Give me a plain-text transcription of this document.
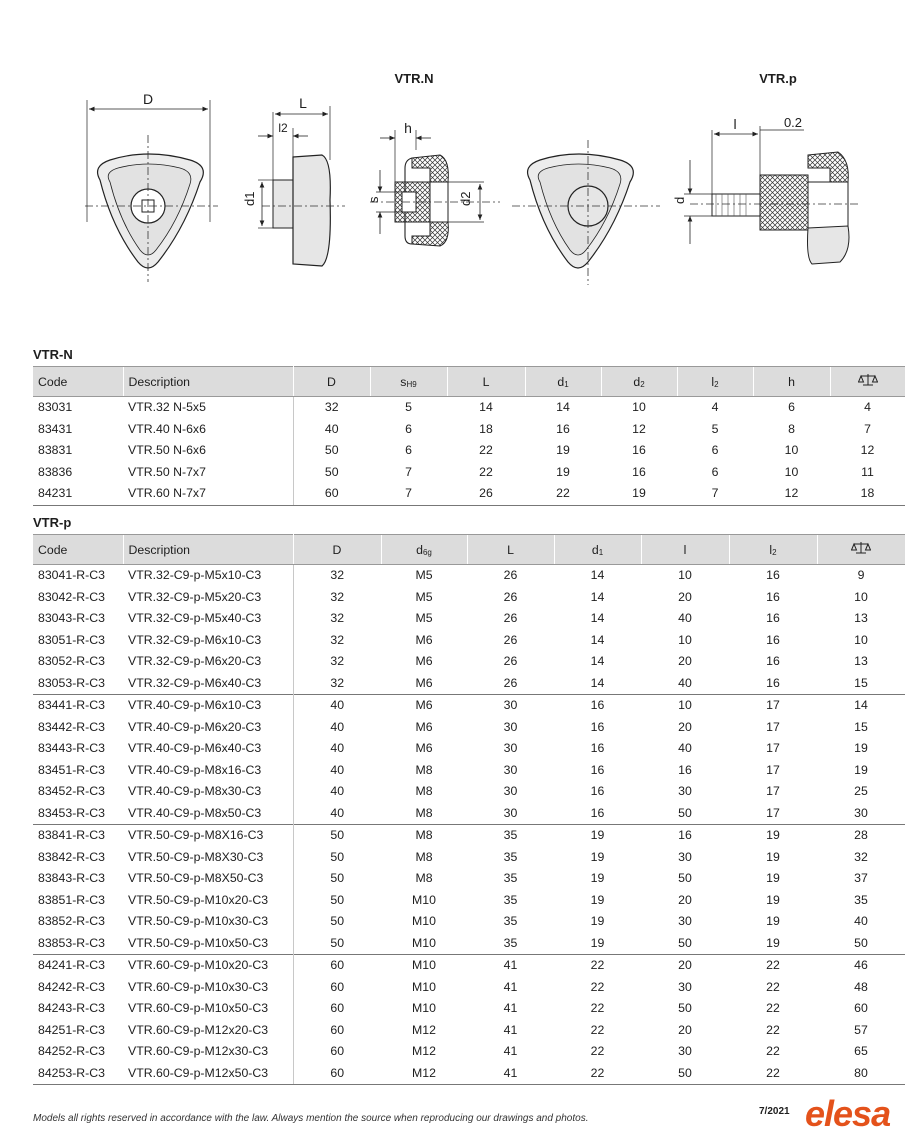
VTR.N	VTR.p
D	L
l2
d1
h
s	d2
l	0.2
d
VTR-N
Code	Description	D	$s_{H9}$	L	$d_1$	$d_2$	$l_2$	h	
83031	VTR.32 N-5x5	32	5	14	14	10	4	6	4
83431	VTR.40 N-6x6	40	6	18	16	12	5	8	7
83831	VTR.50 N-6x6	50	6	22	19	16	6	10	12
83836	VTR.50 N-7x7	50	7	22	19	16	6	10	11
84231	VTR.60 N-7x7	60	7	26	22	19	7	12	18
VTR-p
Code	Description	D	$d_{6g}$	L	$d_1$	l	$l_2$	
83041-R-C3	VTR.32-C9-p-M5x10-C3	32	M5	26	14	10	16	9
83042-R-C3	VTR.32-C9-p-M5x20-C3	32	M5	26	14	20	16	10
83043-R-C3	VTR.32-C9-p-M5x40-C3	32	M5	26	14	40	16	13
83051-R-C3	VTR.32-C9-p-M6x10-C3	32	M6	26	14	10	16	10
83052-R-C3	VTR.32-C9-p-M6x20-C3	32	M6	26	14	20	16	13
83053-R-C3	VTR.32-C9-p-M6x40-C3	32	M6	26	14	40	16	15
83441-R-C3	VTR.40-C9-p-M6x10-C3	40	M6	30	16	10	17	14
83442-R-C3	VTR.40-C9-p-M6x20-C3	40	M6	30	16	20	17	15
83443-R-C3	VTR.40-C9-p-M6x40-C3	40	M6	30	16	40	17	19
83451-R-C3	VTR.40-C9-p-M8x16-C3	40	M8	30	16	16	17	19
83452-R-C3	VTR.40-C9-p-M8x30-C3	40	M8	30	16	30	17	25
83453-R-C3	VTR.40-C9-p-M8x50-C3	40	M8	30	16	50	17	30
83841-R-C3	VTR.50-C9-p-M8X16-C3	50	M8	35	19	16	19	28
83842-R-C3	VTR.50-C9-p-M8X30-C3	50	M8	35	19	30	19	32
83843-R-C3	VTR.50-C9-p-M8X50-C3	50	M8	35	19	50	19	37
83851-R-C3	VTR.50-C9-p-M10x20-C3	50	M10	35	19	20	19	35
83852-R-C3	VTR.50-C9-p-M10x30-C3	50	M10	35	19	30	19	40
83853-R-C3	VTR.50-C9-p-M10x50-C3	50	M10	35	19	50	19	50
84241-R-C3	VTR.60-C9-p-M10x20-C3	60	M10	41	22	20	22	46
84242-R-C3	VTR.60-C9-p-M10x30-C3	60	M10	41	22	30	22	48
84243-R-C3	VTR.60-C9-p-M10x50-C3	60	M10	41	22	50	22	60
84251-R-C3	VTR.60-C9-p-M12x20-C3	60	M12	41	22	20	22	57
84252-R-C3	VTR.60-C9-p-M12x30-C3	60	M12	41	22	30	22	65
84253-R-C3	VTR.60-C9-p-M12x50-C3	60	M12	41	22	50	22	80
Models all rights reserved in accordance with the law. Always mention the source when reproducing our drawings and photos.
7/2021 elesa
